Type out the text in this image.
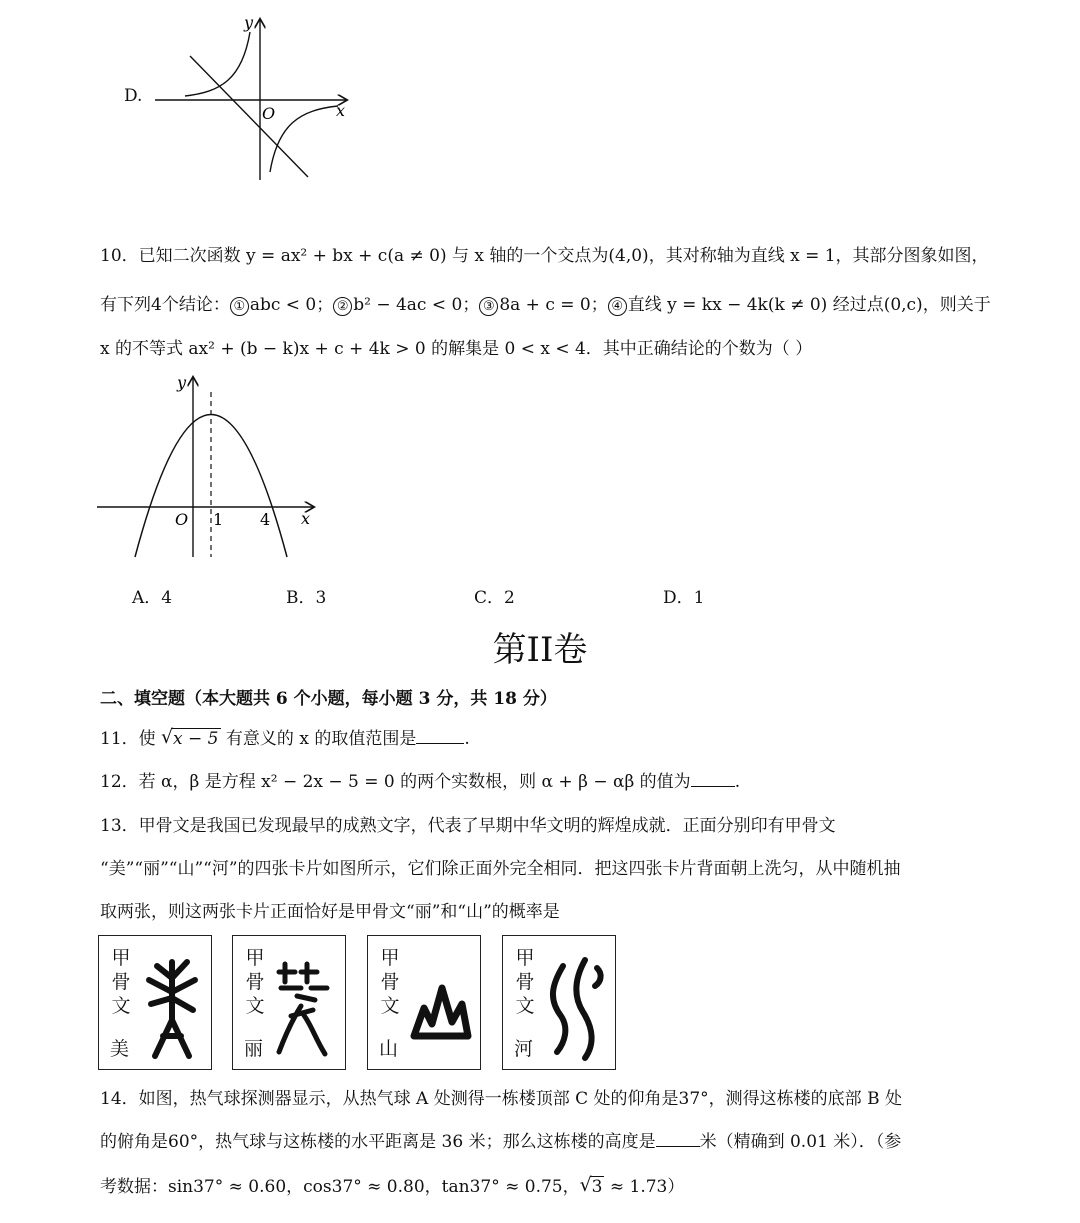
D.
y
x
O
10．已知二次函数 y = ax² + bx + c(a ≠ 0) 与 x 轴的一个交点为(4,0)，其对称轴为直线 x = 1，其部分图象如图，
有下列4个结论： ① abc < 0； ② b² − 4ac < 0； ③ 8a + c = 0； ④ 直线 y = kx − 4k(k ≠ 0) 经过点(0,c)，则关于
x 的不等式 ax² + (b − k)x + c + 4k > 0 的解集是 0 < x < 4．其中正确结论的个数为（ ）
y
x
O 1 4
A．4	B．3	C．2	D．1
第II卷
二、填空题（本大题共 6 个小题，每小题 3 分，共 18 分）
11．使 √ x − 5 有意义的 x 的取值范围是	.
12．若 α，β 是方程 x² − 2x − 5 = 0 的两个实数根，则 α + β − αβ 的值为	.
13．甲骨文是我国已发现最早的成熟文字，代表了早期中华文明的辉煌成就．正面分别印有甲骨文
“美”“丽”“山”“河”的四张卡片如图所示，它们除正面外完全相同．把这四张卡片背面朝上洗匀，从中随机抽
取两张，则这两张卡片正面恰好是甲骨文“丽”和“山”的概率是
甲骨文
美
甲骨文
丽
甲骨文
山
甲骨文
河
14．如图，热气球探测器显示，从热气球 A 处测得一栋楼顶部 C 处的仰角是37°，测得这栋楼的底部 B 处
的俯角是60°，热气球与这栋楼的水平距离是 36 米；那么这栋楼的高度是	米（精确到 0.01 米）．（参
考数据：sin37° ≈ 0.60，cos37° ≈ 0.80，tan37° ≈ 0.75， √ 3 ≈ 1.73）
